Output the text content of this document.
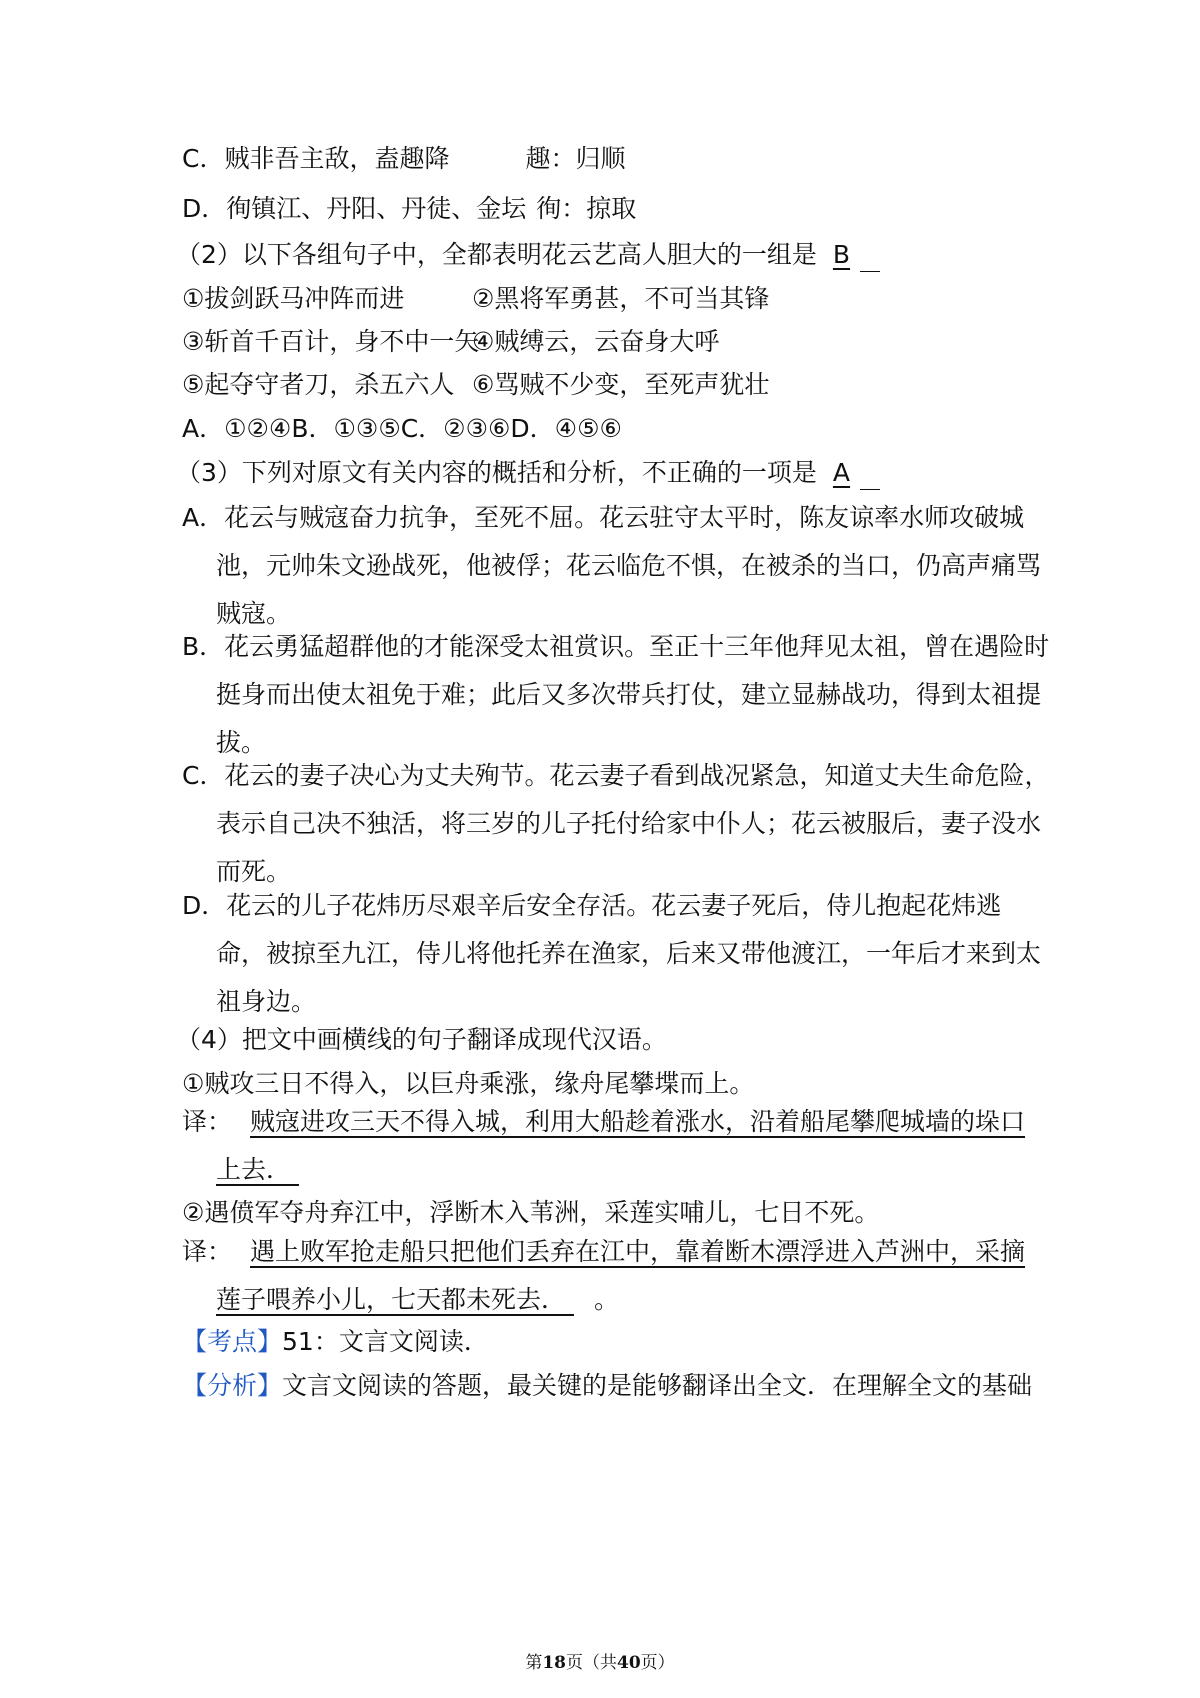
C．贼非吾主敌，盍趣降	趣：归顺
D．徇镇江、丹阳、丹徒、金坛 徇：掠取
（2）以下各组句子中，全都表明花云艺高人胆大的一组是 B
①拔剑跃马冲阵而进	②黑将军勇甚，不可当其锋
③斩首千百计，身不中一矢④贼缚云，云奋身大呼
⑤起夺守者刀，杀五六人 ⑥骂贼不少变，至死声犹壮
A．①②④B．①③⑤C．②③⑥D．④⑤⑥
（3）下列对原文有关内容的概括和分析，不正确的一项是 A
A．花云与贼寇奋力抗争，至死不屈。花云驻守太平时，陈友谅率水师攻破城
池，元帅朱文逊战死，他被俘；花云临危不惧，在被杀的当口，仍高声痛骂
贼寇。
B．花云勇猛超群他的才能深受太祖赏识。至正十三年他拜见太祖，曾在遇险时
挺身而出使太祖免于难；此后又多次带兵打仗，建立显赫战功，得到太祖提
拔。
C．花云的妻子决心为丈夫殉节。花云妻子看到战况紧急，知道丈夫生命危险，
表示自己决不独活，将三岁的儿子托付给家中仆人；花云被服后，妻子没水
而死。
D．花云的儿子花炜历尽艰辛后安全存活。花云妻子死后，侍儿抱起花炜逃
命，被掠至九江，侍儿将他托养在渔家，后来又带他渡江，一年后才来到太
祖身边。
（4）把文中画横线的句子翻译成现代汉语。
①贼攻三日不得入，以巨舟乘涨，缘舟尾攀堞而上。
译： 贼寇进攻三天不得入城，利用大船趁着涨水，沿着船尾攀爬城墙的垛口
上去．
②遇偾军夺舟弃江中，浮断木入苇洲，采莲实哺儿，七日不死。
译： 遇上败军抢走船只把他们丢弃在江中，靠着断木漂浮进入芦洲中，采摘
莲子喂养小儿，七天都未死去． 。
【考点】51：文言文阅读．
【分析】文言文阅读的答题，最关键的是能够翻译出全文．在理解全文的基础
第18页（共40页）
